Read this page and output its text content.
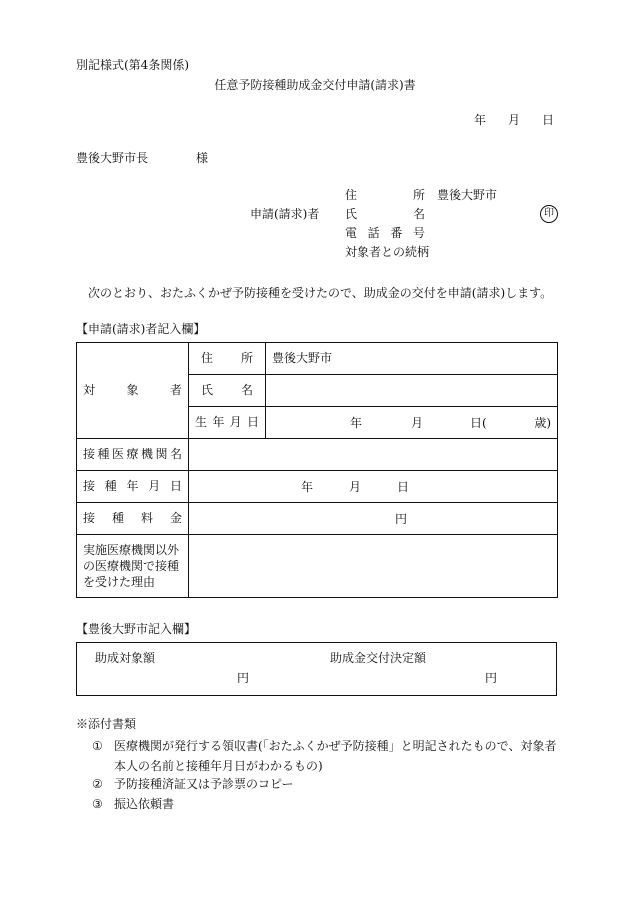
別記様式(第4条関係)
任意予防接種助成金交付申請(請求)書
年 月 日
豊後大野市長	様
申請(請求)者
住所 豊後大野市
氏名
電話番号
対象者との続柄
印
次のとおり、おたふくかぜ予防接種を受けたので、助成金の交付を申請(請求)します。
【申請(請求)者記入欄】
対象者	住所	豊後大野市

	氏名	

	生年月日	年 月 日( 歳)

接種医療機関名		

接種年月日	年 月 日	

接種料金	円	

実施医療機関以外の医療機関で接種を受けた理由		
【豊後大野市記入欄】
助成対象額	助成金交付決定額
円	円
※添付書類
① 医療機関が発行する領収書(「おたふくかぜ予防接種」と明記されたもので、対象者本人の名前と接種年月日がわかるもの)
② 予防接種済証又は予診票のコピー
③ 振込依頼書
